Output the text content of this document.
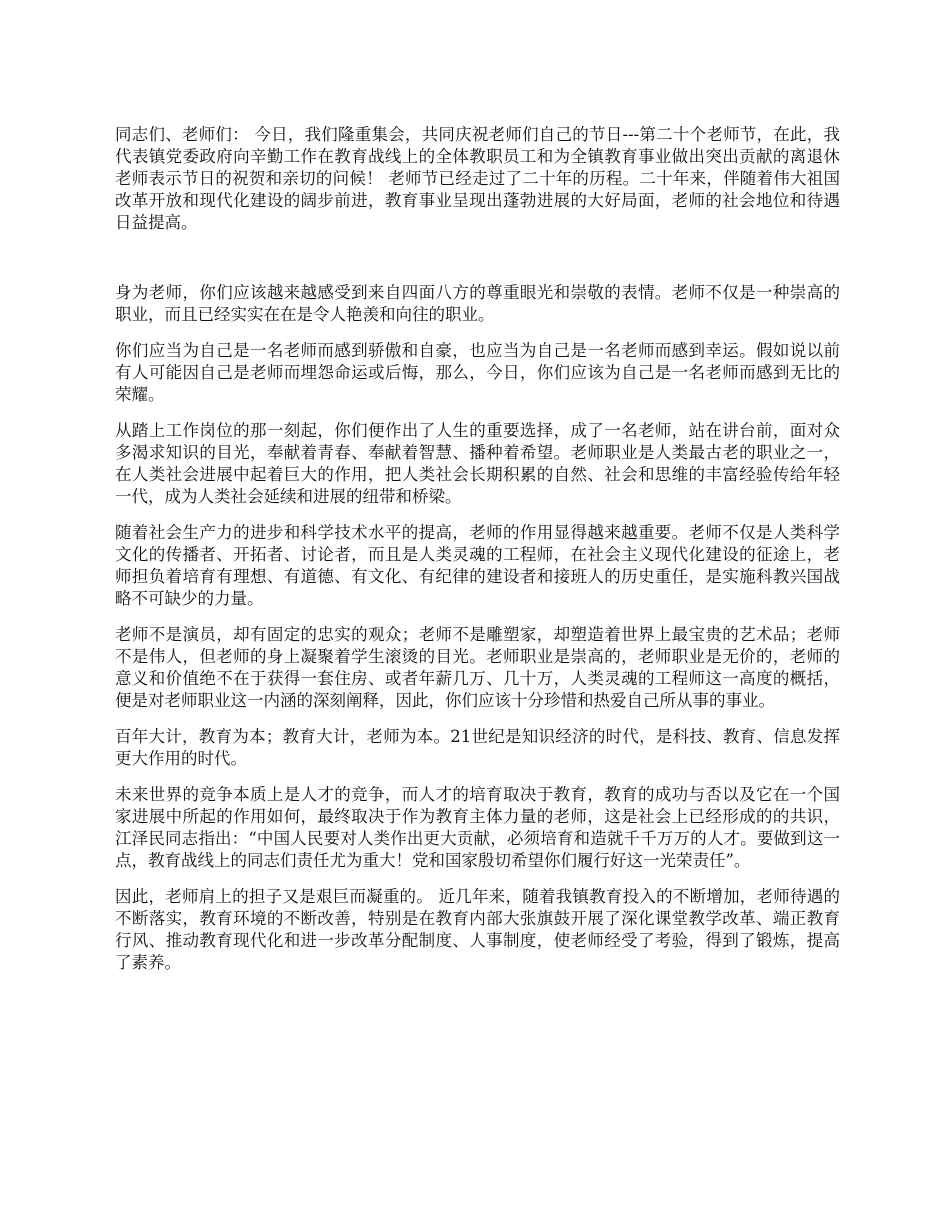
同志们、老师们： 今日，我们隆重集会，共同庆祝老师们自己的节日---第二十个老师节，在此，我代表镇党委政府向辛勤工作在教育战线上的全体教职员工和为全镇教育事业做出突出贡献的离退休老师表示节日的祝贺和亲切的问候！ 老师节已经走过了二十年的历程。二十年来，伴随着伟大祖国改革开放和现代化建设的阔步前进，教育事业呈现出蓬勃进展的大好局面，老师的社会地位和待遇日益提高。

身为老师，你们应该越来越感受到来自四面八方的尊重眼光和崇敬的表情。老师不仅是一种崇高的职业，而且已经实实在在是令人艳羡和向往的职业。

你们应当为自己是一名老师而感到骄傲和自豪，也应当为自己是一名老师而感到幸运。假如说以前有人可能因自己是老师而埋怨命运或后悔，那么，今日，你们应该为自己是一名老师而感到无比的荣耀。

从踏上工作岗位的那一刻起，你们便作出了人生的重要选择，成了一名老师，站在讲台前，面对众多渴求知识的目光，奉献着青春、奉献着智慧、播种着希望。老师职业是人类最古老的职业之一，在人类社会进展中起着巨大的作用，把人类社会长期积累的自然、社会和思维的丰富经验传给年轻一代，成为人类社会延续和进展的纽带和桥梁。

随着社会生产力的进步和科学技术水平的提高，老师的作用显得越来越重要。老师不仅是人类科学文化的传播者、开拓者、讨论者，而且是人类灵魂的工程师，在社会主义现代化建设的征途上，老师担负着培育有理想、有道德、有文化、有纪律的建设者和接班人的历史重任，是实施科教兴国战略不可缺少的力量。

老师不是演员，却有固定的忠实的观众；老师不是雕塑家，却塑造着世界上最宝贵的艺术品；老师不是伟人，但老师的身上凝聚着学生滚烫的目光。老师职业是崇高的，老师职业是无价的，老师的意义和价值绝不在于获得一套住房、或者年薪几万、几十万，人类灵魂的工程师这一高度的概括，便是对老师职业这一内涵的深刻阐释，因此，你们应该十分珍惜和热爱自己所从事的事业。

百年大计，教育为本；教育大计，老师为本。21世纪是知识经济的时代，是科技、教育、信息发挥更大作用的时代。

未来世界的竞争本质上是人才的竞争，而人才的培育取决于教育，教育的成功与否以及它在一个国家进展中所起的作用如何，最终取决于作为教育主体力量的老师，这是社会上已经形成的的共识，江泽民同志指出：“中国人民要对人类作出更大贡献，必须培育和造就千千万万的人才。要做到这一点，教育战线上的同志们责任尤为重大！党和国家殷切希望你们履行好这一光荣责任”。

因此，老师肩上的担子又是艰巨而凝重的。 近几年来，随着我镇教育投入的不断增加，老师待遇的不断落实，教育环境的不断改善，特别是在教育内部大张旗鼓开展了深化课堂教学改革、端正教育行风、推动教育现代化和进一步改革分配制度、人事制度，使老师经受了考验，得到了锻炼，提高了素养。
